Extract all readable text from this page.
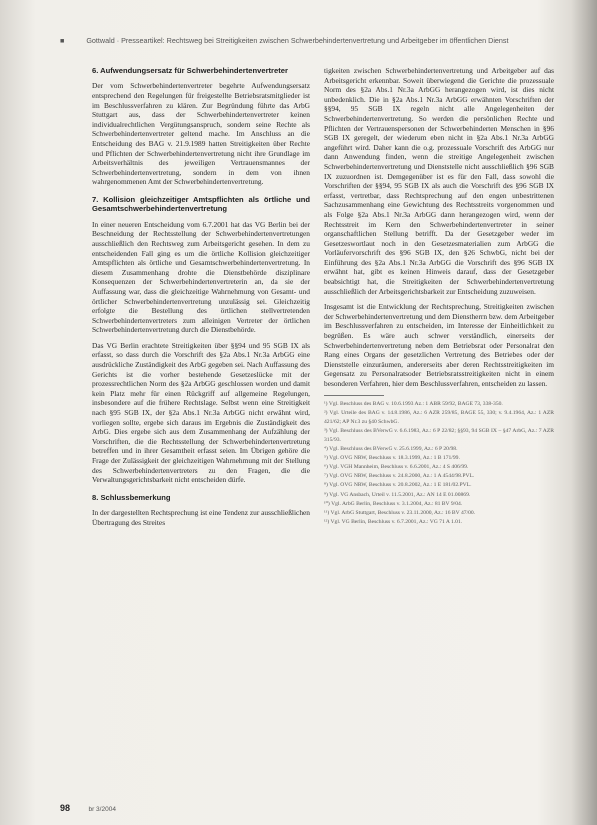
■	Gottwald · Presseartikel: Rechtsweg bei Streitigkeiten zwischen Schwerbehindertenvertretung und Arbeitgeber im öffentlichen Dienst
6. Aufwendungsersatz für Schwerbehindertenvertreter

Der vom Schwerbehindertenvertreter begehrte Aufwendungsersatz entsprechend den Regelungen für freigestellte Betriebsratsmitglieder ist im Beschlussverfahren zu klären. Zur Begründung führte das ArbG Stuttgart aus, dass der Schwerbehindertenvertreter keinen individualrechtlichen Vergütungsanspruch, sondern seine Rechte als Schwerbehindertenvertreter geltend mache. Im Anschluss an die Entscheidung des BAG v. 21.9.1989 hatten Streitigkeiten über Rechte und Pflichten der Schwerbehindertenvertretung nicht ihre Grundlage im Arbeitsverhältnis des jeweiligen Vertrauensmannes der Schwerbehindertenvertretung, sondern in dem von ihnen wahrgenommenen Amt der Schwerbehindertenvertretung.

7. Kollision gleichzeitiger Amtspflichten als örtliche und Gesamtschwerbehindertenvertretung

In einer neueren Entscheidung vom 6.7.2001 hat das VG Berlin bei der Beschneidung der Rechtsstellung der Schwerbehindertenvertretungen ausschließlich den Rechtsweg zum Arbeitsgericht gesehen. In dem zu entscheidenden Fall ging es um die örtliche Kollision gleichzeitiger Amtspflichten als örtliche und Gesamtschwerbehindertenvertretung. In diesem Zusammenhang drohte die Dienstbehörde disziplinare Konsequenzen der Schwerbehindertenvertreterin an, da sie der Auffassung war, dass die gleichzeitige Wahrnehmung von Gesamt- und örtlicher Schwerbehindertenvertretung unzulässig sei. Gleichzeitig erfolgte die Bestellung des örtlichen stellvertretenden Schwerbehindertenvertreters zum alleinigen Vertreter der örtlichen Schwerbehindertenvertretung durch die Dienstbehörde.

Das VG Berlin erachtete Streitigkeiten über §§94 und 95 SGB IX als erfasst, so dass durch die Vorschrift des §2a Abs.1 Nr.3a ArbGG eine ausdrückliche Zuständigkeit des ArbG gegeben sei. Nach Auffassung des Gerichts ist die vorher bestehende Gesetzeslücke mit der prozessrechtlichen Norm des §2a ArbGG geschlossen worden und damit kein Platz mehr für einen Rückgriff auf allgemeine Regelungen, insbesondere auf die frühere Rechtslage. Selbst wenn eine Streitigkeit nach §95 SGB IX, der §2a Abs.1 Nr.3a ArbGG nicht erwähnt wird, vorliegen sollte, ergebe sich daraus im Ergebnis die Zuständigkeit des ArbG. Dies ergebe sich aus dem Zusammenhang der Aufzählung der Vorschriften, die die Rechtsstellung der Schwerbehindertenvertretung betreffen und in ihrer Gesamtheit erfasst seien. Im Übrigen gehöre die Frage der Zulässigkeit der gleichzeitigen Wahrnehmung mit der Stellung des Schwerbehindertenvertreters zu den Fragen, die die Verwaltungsgerichtsbarkeit nicht entscheiden dürfe.

8. Schlussbemerkung

In der dargestellten Rechtsprechung ist eine Tendenz zur ausschließlichen Übertragung des Streites

tigkeiten zwischen Schwerbehindertenvertretung und Arbeitgeber auf das Arbeitsgericht erkennbar. Soweit überwiegend die Gerichte die prozessuale Norm des §2a Abs.1 Nr.3a ArbGG herangezogen wird, ist dies nicht unbedenklich. Die in §2a Abs.1 Nr.3a ArbGG erwähnten Vorschriften der §§94, 95 SGB IX regeln nicht alle Angelegenheiten der Schwerbehindertenvertretung. So werden die persönlichen Rechte und Pflichten der Vertrauenspersonen der Schwerbehinderten Menschen in §96 SGB IX geregelt, der wiederum eben nicht in §2a Abs.1 Nr.3a ArbGG angeführt wird. Daher kann die o.g. prozessuale Vorschrift des ArbGG nur dann Anwendung finden, wenn die streitige Angelegenheit zwischen Schwerbehindertenvertretung und Dienststelle nicht ausschließlich §96 SGB IX zuzuordnen ist. Demgegenüber ist es für den Fall, dass sowohl die Vorschriften der §§94, 95 SGB IX als auch die Vorschrift des §96 SGB IX erfasst, vertretbar, dass Rechtsprechung auf den engen unbestrittenen Sachzusammenhang eine Gewichtung des Rechtsstreits vorgenommen und als Folge §2a Abs.1 Nr.3a ArbGG dann herangezogen wird, wenn der Rechtsstreit im Kern den Schwerbehindertenvertreter in seiner organschaftlichen Stellung betrifft. Da der Gesetzgeber weder im Gesetzeswortlaut noch in den Gesetzesmaterialien zum ArbGG die Vorläufervorschrift des §96 SGB IX, den §26 SchwbG, nicht bei der Einführung des §2a Abs.1 Nr.3a ArbGG die Vorschrift des §96 SGB IX erwähnt hat, gibt es keinen Hinweis darauf, dass der Gesetzgeber beabsichtigt hat, die Streitigkeiten der Schwerbehindertenvertretung ausschließlich der Arbeitsgerichtsbarkeit zur Entscheidung zuzuweisen.

Insgesamt ist die Entwicklung der Rechtsprechung, Streitigkeiten zwischen der Schwerbehindertenvertretung und dem Dienstherrn bzw. dem Arbeitgeber im Beschlussverfahren zu entscheiden, im Interesse der Einheitlichkeit zu begrüßen. Es wäre auch schwer verständlich, einerseits der Schwerbehindertenvertretung neben dem Betriebsrat oder Personalrat den Rang eines Organs der gesetzlichen Vertretung des Betriebes oder der Dienststelle einzuräumen, andererseits aber deren Rechtsstreitigkeiten im Gegensatz zu Personalratsoder Betriebsratsstreitigkeiten nicht in einem besonderen Verfahren, hier dem Beschlussverfahren, entscheiden zu lassen.

¹) Vgl. Beschluss des BAG v. 10.6.1993 Az.: 1 ABR 59/92, BAGE 73, 338-350.

²) Vgl. Urteile des BAG v. 14.8.1986, Az.: 6 AZR 259/85, BAGE 55, 330; v. 9.4.1964, Az.: 1 AZR 421/62; AP Nr.3 zu §40 SchwbG.

³) Vgl. Beschluss des BVerwG v. 6.6.1983, Az.: 6 P 22/82; §§93, 94 SGB IX – §47 ArbG, Az.: 7 AZR 315/93.

⁴) Vgl. Beschluss des BVerwG v. 25.6.1999, Az.: 6 P 20/98.

⁵) Vgl. OVG NRW, Beschluss v. 18.3.1999, Az.: 1 B 171/99.

⁶) Vgl. VGH Mannheim, Beschluss v. 6.6.2001, Az.: 4 S 406/99.

⁷) Vgl. OVG NRW, Beschluss v. 24.8.2000, Az.: 1 A 4544/98.PVL.

⁸) Vgl. OVG NRW, Beschluss v. 20.8.2002, Az.: 1 E 181/02.PVL.

⁹) Vgl. VG Ansbach, Urteil v. 11.5.2001, Az.: AN 14 E 01.00869.

¹⁰) Vgl. ArbG Berlin, Beschluss v. 3.1.2004, Az.: 81 BV 9/04.

¹¹) Vgl. ArbG Stuttgart, Beschluss v. 23.11.2000, Az.: 16 BV 47/00.

¹²) Vgl. VG Berlin, Beschluss v. 6.7.2001, Az.: VG 71 A 1.01.

98	br 3/2004
